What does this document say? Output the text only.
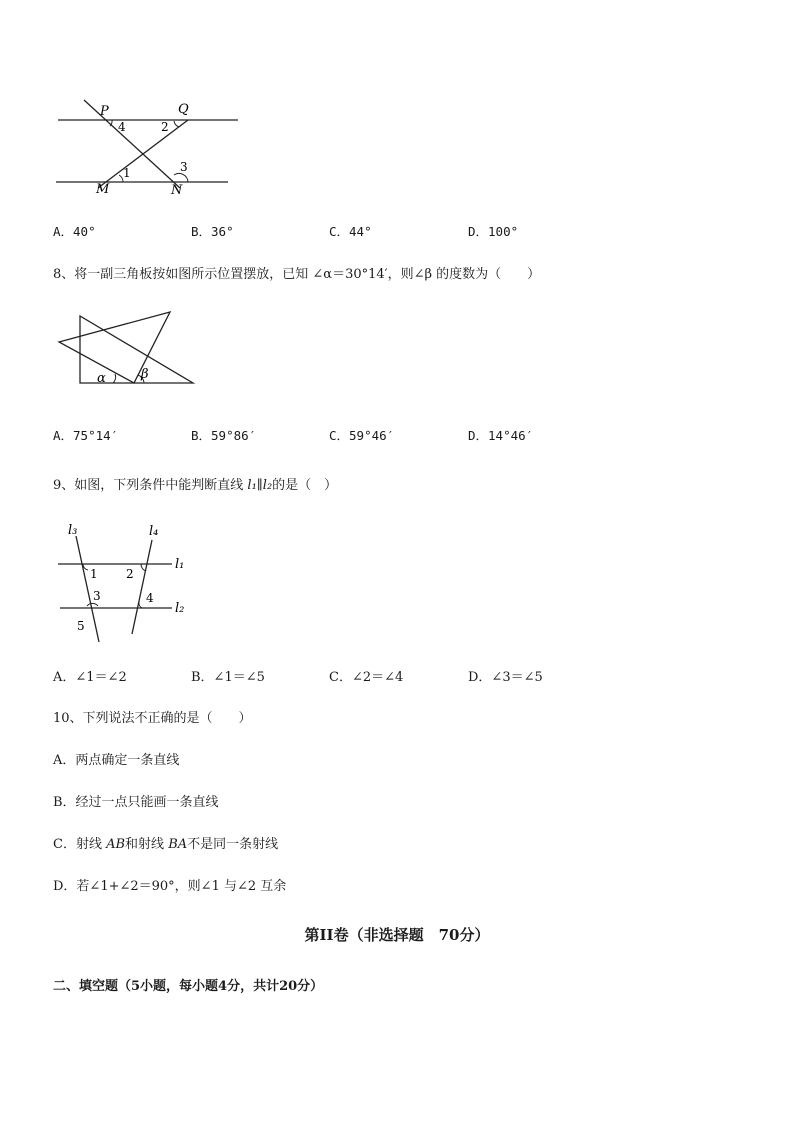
P	Q
M	N
4	2
1	3
A．40°	B．36°	C．44°	D．100°
8、将一副三角板按如图所示位置摆放，已知 ∠α＝30°14′，则∠β 的度数为（　　）
α	β
A．75°14′	B．59°86′	C．59°46′	D．14°46′
9、如图，下列条件中能判断直线 l₁∥l₂的是（　）
l₃	l₄
l₁
l₂
1 2
3	4
5
A．∠1＝∠2	B．∠1＝∠5	C．∠2＝∠4	D．∠3＝∠5
10、下列说法不正确的是（　　）
A．两点确定一条直线
B．经过一点只能画一条直线
C．射线 AB和射线 BA不是同一条射线
D．若∠1+∠2＝90°，则∠1 与∠2 互余
第II卷（非选择题　70分）
二、填空题（5小题，每小题4分，共计20分）
